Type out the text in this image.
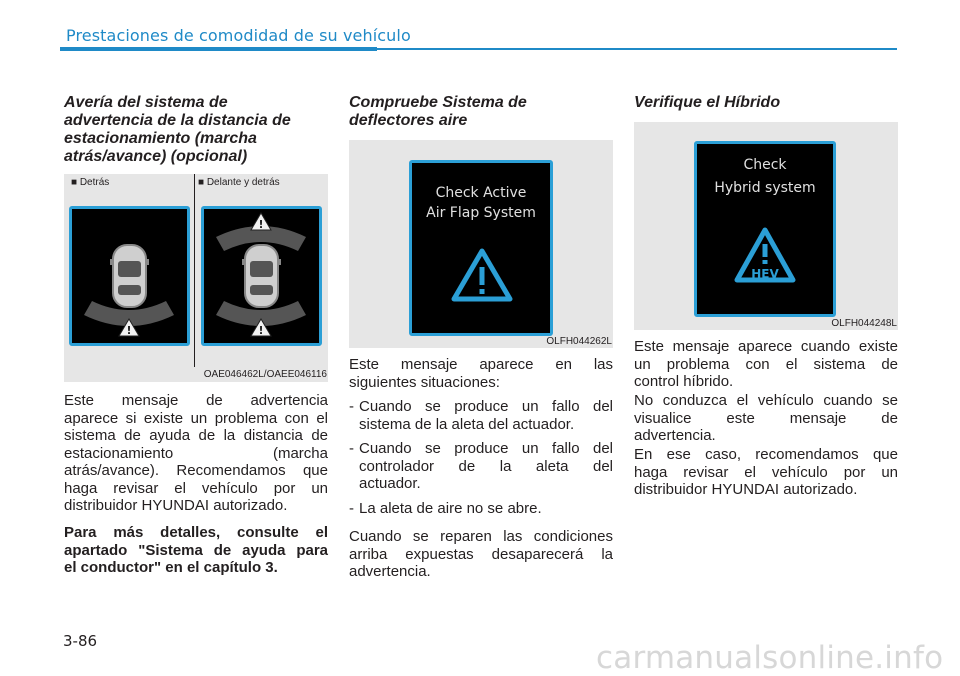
Prestaciones de comodidad de su vehículo
Avería del sistema de
advertencia de la distancia de
estacionamiento (marcha
atrás/avance) (opcional)
■ Detrás	■ Delante y detrás
!
!
!
OAE046462L/OAEE046116
Este mensaje de advertencia
aparece si existe un problema con el
sistema de ayuda de la distancia de
estacionamiento (marcha
atrás/avance). Recomendamos que
haga revisar el vehículo por un
distribuidor HYUNDAI autorizado.
Para más detalles, consulte el
apartado "Sistema de ayuda para
el conductor" en el capítulo 3.
Compruebe Sistema de
deflectores aire
Check Active
Air Flap System
OLFH044262L
Este mensaje aparece en las
siguientes situaciones:
- Cuando se produce un fallo del
sistema de la aleta del actuador.
- Cuando se produce un fallo del
controlador de la aleta del
actuador.
- La aleta de aire no se abre.
Cuando se reparen las condiciones
arriba expuestas desaparecerá la
advertencia.
Verifique el Híbrido
Check
Hybrid system
HEV
OLFH044248L
Este mensaje aparece cuando existe
un problema con el sistema de
control híbrido.
No conduzca el vehículo cuando se
visualice este mensaje de
advertencia.
En ese caso, recomendamos que
haga revisar el vehículo por un
distribuidor HYUNDAI autorizado.
3-86	carmanualsonline.info
